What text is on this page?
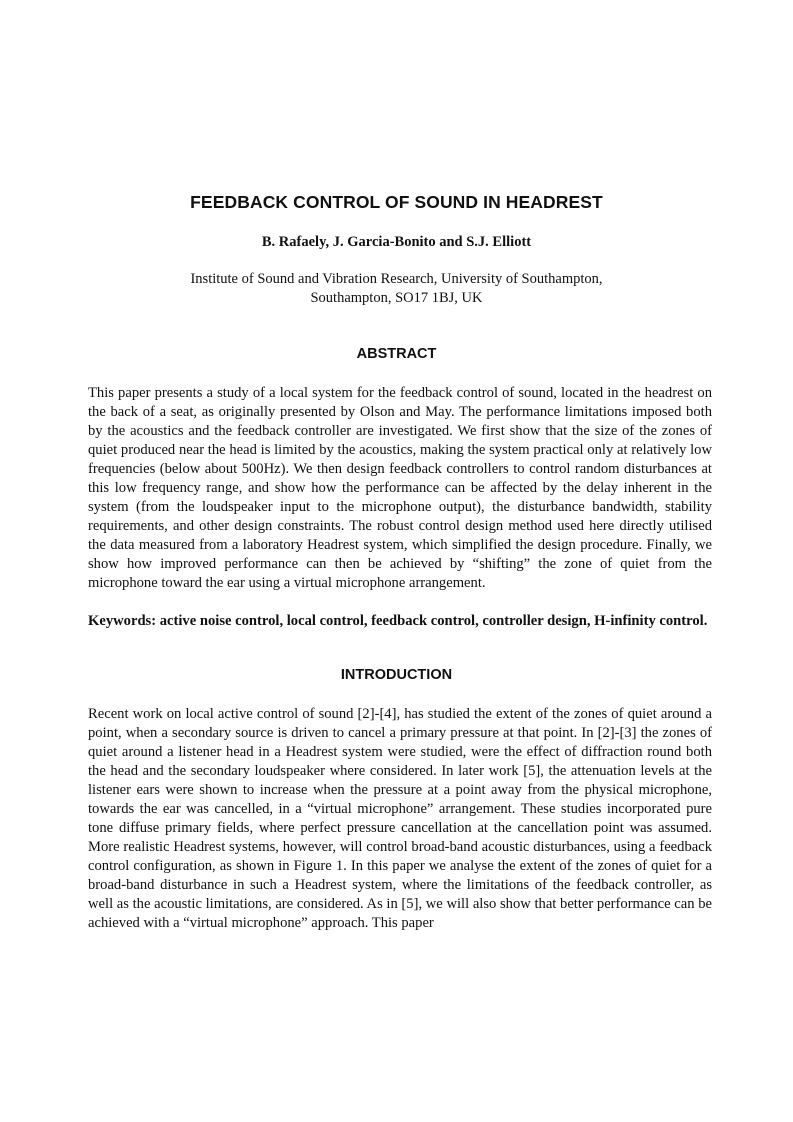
FEEDBACK CONTROL OF SOUND IN HEADREST

B. Rafaely, J. Garcia-Bonito and S.J. Elliott

Institute of Sound and Vibration Research, University of Southampton,
Southampton, SO17 1BJ, UK

ABSTRACT

This paper presents a study of a local system for the feedback control of sound, located in the headrest on the back of a seat, as originally presented by Olson and May. The performance limitations imposed both by the acoustics and the feedback controller are investigated. We first show that the size of the zones of quiet produced near the head is limited by the acoustics, making the system practical only at relatively low frequencies (below about 500Hz). We then design feedback controllers to control random disturbances at this low frequency range, and show how the performance can be affected by the delay inherent in the system (from the loudspeaker input to the microphone output), the disturbance bandwidth, stability requirements, and other design constraints. The robust control design method used here directly utilised the data measured from a laboratory Headrest system, which simplified the design procedure. Finally, we show how improved performance can then be achieved by “shifting” the zone of quiet from the microphone toward the ear using a virtual microphone arrangement.

Keywords: active noise control, local control, feedback control, controller design, H-infinity control.

INTRODUCTION

Recent work on local active control of sound [2]-[4], has studied the extent of the zones of quiet around a point, when a secondary source is driven to cancel a primary pressure at that point. In [2]-[3] the zones of quiet around a listener head in a Headrest system were studied, were the effect of diffraction round both the head and the secondary loudspeaker where considered. In later work [5], the attenuation levels at the listener ears were shown to increase when the pressure at a point away from the physical microphone, towards the ear was cancelled, in a “virtual microphone” arrangement. These studies incorporated pure tone diffuse primary fields, where perfect pressure cancellation at the cancellation point was assumed. More realistic Headrest systems, however, will control broad-band acoustic disturbances, using a feedback control configuration, as shown in Figure 1. In this paper we analyse the extent of the zones of quiet for a broad-band disturbance in such a Headrest system, where the limitations of the feedback controller, as well as the acoustic limitations, are considered. As in [5], we will also show that better performance can be achieved with a “virtual microphone” approach. This paper
